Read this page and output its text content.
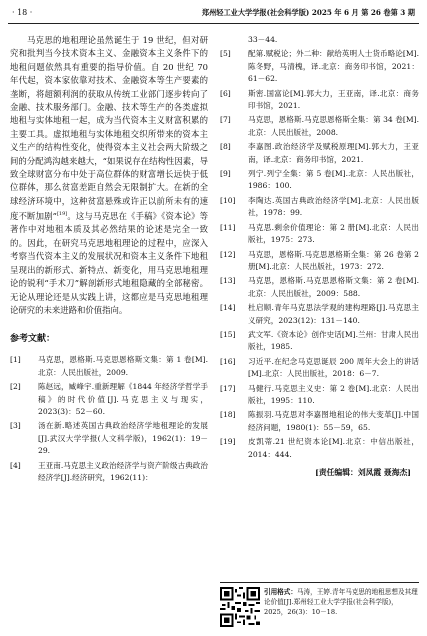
· 18 ·	郑州轻工业大学学报(社会科学版) 2025 年 6 月 第 26 卷第 3 期

马克思的地租理论虽然诞生于 19 世纪，但对研究和批判当今技术资本主义、金融资本主义条件下的地租问题依然具有重要的指导价值。自 20 世纪 70 年代起，资本家依靠对技术、金融资本等生产要素的垄断，将超额利润的获取从传统工业部门逐步转向了金融、技术服务部门。金融、技术等生产的各类虚拟地租与实体地租一起，成为当代资本主义财富积累的主要工具。虚拟地租与实体地租交织所带来的资本主义生产的结构性变化，使得资本主义社会两大阶级之间的分配鸿沟越来越大，“如果说存在结构性因素，导致全球财富分布中处于高位群体的财富增长远快于低位群体，那么贫富差距自然会无限制扩大。在新的全球经济环境中，这种贫富悬殊或许正以前所未有的速度不断加剧”[19]。这与马克思在《手稿》《资本论》等著作中对地租本质及其必然结果的论述是完全一致的。因此，在研究马克思地租理论的过程中，应深入考察当代资本主义的发展状况和资本主义条件下地租呈现出的新形式、新特点、新变化，用马克思地租理论的锐利“手术刀”解剖新形式地租隐藏的全部秘密。无论从理论还是从实践上讲，这都应是马克思地租理论研究的未来进路和价值指向。

参考文献：
[1]	马克思，恩格斯.马克思恩格斯文集：第 1 卷[M].北京：人民出版社，2009.
[2]	陈赵远，臧峰宇.重新理解《1844 年经济学哲学手稿》的时代价值[J].马克思主义与现实，2023(3)：52－60.
[3]	汤在新.略述英国古典政治经济学地租理论的发展[J].武汉大学学报(人文科学版)，1962(1)：19－29.
[4]	王亚南.马克思主义政治经济学与资产阶级古典政治经济学[J].经济研究，1962(11)：
33－44.
[5]	配第.赋税论；外二种：献给英明人士货币略论[M].陈冬野，马清槐，译.北京：商务印书馆，2021：61－62.
[6]	斯密.国富论[M].郭大力，王亚南，译.北京：商务印书馆，2021.
[7]	马克思，恩格斯.马克思恩格斯全集：第 34 卷[M].北京：人民出版社，2008.
[8]	李嘉图.政治经济学及赋税原理[M].郭大力，王亚南，译.北京：商务印书馆，2021.
[9]	列宁.列宁全集：第 5 卷[M].北京：人民出版社，1986：100.
[10]	李陶达.英国古典政治经济学[M].北京：人民出版社，1978：99.
[11]	马克思.剩余价值理论：第 2 册[M].北京：人民出版社，1975：273.
[12]	马克思，恩格斯.马克思恩格斯全集：第 26 卷第 2 册[M].北京：人民出版社，1973：272.
[13]	马克思，恩格斯.马克思恩格斯文集：第 2 卷[M].北京：人民出版社，2009：588.
[14]	杜启顺.青年马克思法学观的建构理路[J].马克思主义研究，2023(12)：131－140.
[15]	武文军.《资本论》创作史话[M].兰州：甘肃人民出版社，1985.
[16]	习近平.在纪念马克思诞辰 200 周年大会上的讲话[M].北京：人民出版社，2018：6－7.
[17]	马健行.马克思主义史：第 2 卷[M].北京：人民出版社，1995：110.
[18]	陈振羽.马克思对李嘉图地租论的伟大变革[J].中国经济问题，1980(1)：55－59，65.
[19]	皮凯蒂.21 世纪资本论[M].北京：中信出版社，2014：444.
[责任编辑：刘凤霞 聂海杰]
引用格式：马涛，王婷.青年马克思的地租思想及其理论价值[J].郑州轻工业大学学报(社会科学版)，2025，26(3)：10－18.
